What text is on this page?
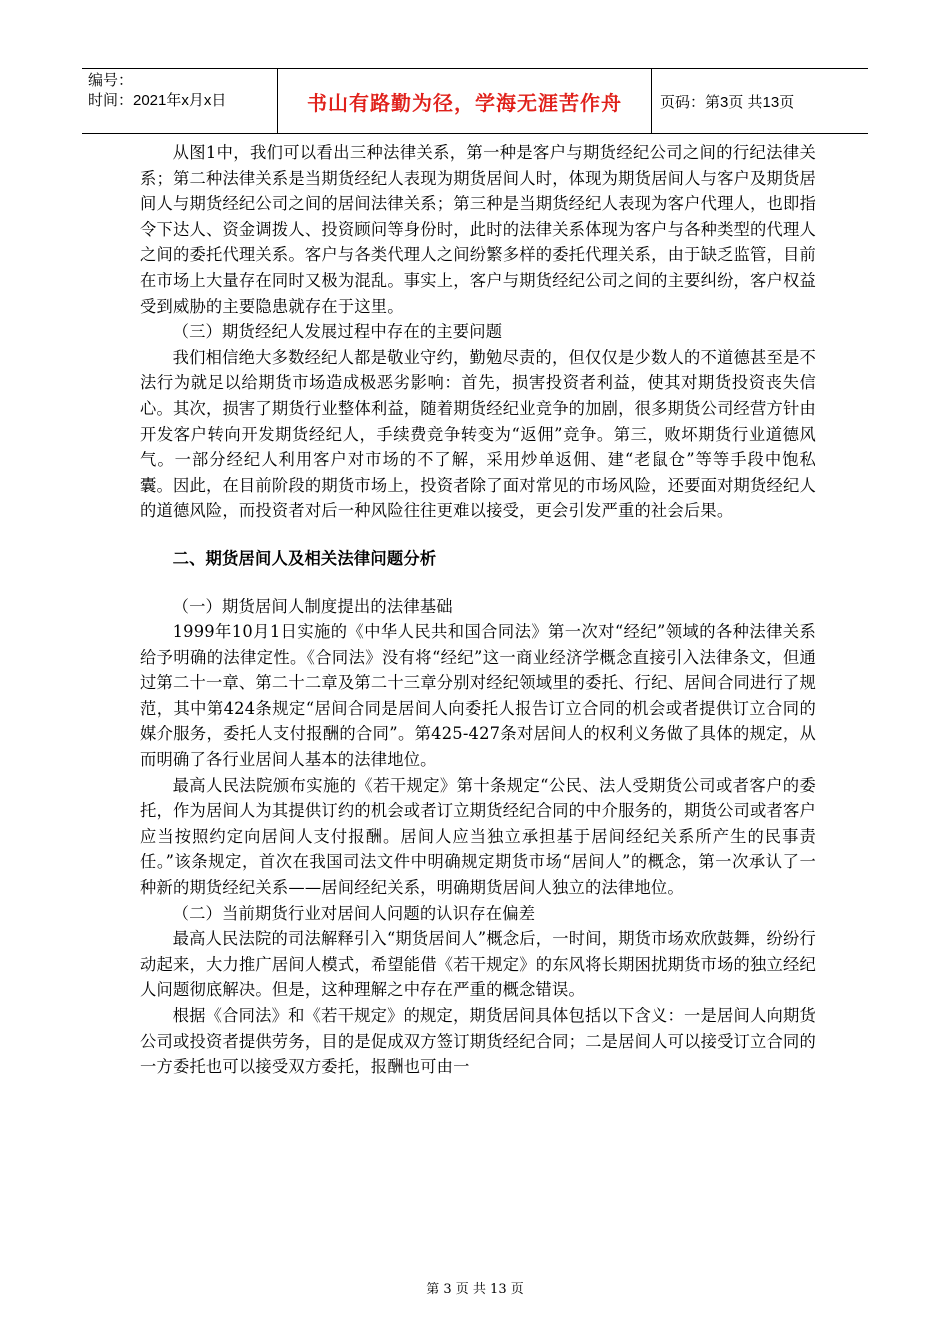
编号：
时间：2021年x月x日	书山有路勤为径，学海无涯苦作舟	页码：第3页 共13页

从图1中，我们可以看出三种法律关系，第一种是客户与期货经纪公司之间的行纪法律关系；第二种法律关系是当期货经纪人表现为期货居间人时，体现为期货居间人与客户及期货居间人与期货经纪公司之间的居间法律关系；第三种是当期货经纪人表现为客户代理人，也即指令下达人、资金调拨人、投资顾问等身份时，此时的法律关系体现为客户与各种类型的代理人之间的委托代理关系。客户与各类代理人之间纷繁多样的委托代理关系，由于缺乏监管，目前在市场上大量存在同时又极为混乱。事实上，客户与期货经纪公司之间的主要纠纷，客户权益受到威胁的主要隐患就存在于这里。

（三）期货经纪人发展过程中存在的主要问题

我们相信绝大多数经纪人都是敬业守约，勤勉尽责的，但仅仅是少数人的不道德甚至是不法行为就足以给期货市场造成极恶劣影响：首先，损害投资者利益，使其对期货投资丧失信心。其次，损害了期货行业整体利益，随着期货经纪业竞争的加剧，很多期货公司经营方针由开发客户转向开发期货经纪人，手续费竞争转变为“返佣”竞争。第三，败坏期货行业道德风气。一部分经纪人利用客户对市场的不了解，采用炒单返佣、建“老鼠仓”等等手段中饱私囊。因此，在目前阶段的期货市场上，投资者除了面对常见的市场风险，还要面对期货经纪人的道德风险，而投资者对后一种风险往往更难以接受，更会引发严重的社会后果。

二、期货居间人及相关法律问题分析

（一）期货居间人制度提出的法律基础

1999年10月1日实施的《中华人民共和国合同法》第一次对“经纪”领域的各种法律关系给予明确的法律定性。《合同法》没有将“经纪”这一商业经济学概念直接引入法律条文，但通过第二十一章、第二十二章及第二十三章分别对经纪领域里的委托、行纪、居间合同进行了规范，其中第424条规定“居间合同是居间人向委托人报告订立合同的机会或者提供订立合同的媒介服务，委托人支付报酬的合同”。第425-427条对居间人的权利义务做了具体的规定，从而明确了各行业居间人基本的法律地位。

最高人民法院颁布实施的《若干规定》第十条规定“公民、法人受期货公司或者客户的委托，作为居间人为其提供订约的机会或者订立期货经纪合同的中介服务的，期货公司或者客户应当按照约定向居间人支付报酬。居间人应当独立承担基于居间经纪关系所产生的民事责任。”该条规定，首次在我国司法文件中明确规定期货市场“居间人”的概念，第一次承认了一种新的期货经纪关系——居间经纪关系，明确期货居间人独立的法律地位。

（二）当前期货行业对居间人问题的认识存在偏差

最高人民法院的司法解释引入“期货居间人”概念后，一时间，期货市场欢欣鼓舞，纷纷行动起来，大力推广居间人模式，希望能借《若干规定》的东风将长期困扰期货市场的独立经纪人问题彻底解决。但是，这种理解之中存在严重的概念错误。

根据《合同法》和《若干规定》的规定，期货居间具体包括以下含义：一是居间人向期货公司或投资者提供劳务，目的是促成双方签订期货经纪合同；二是居间人可以接受订立合同的一方委托也可以接受双方委托，报酬也可由一

第 3 页 共 13 页
